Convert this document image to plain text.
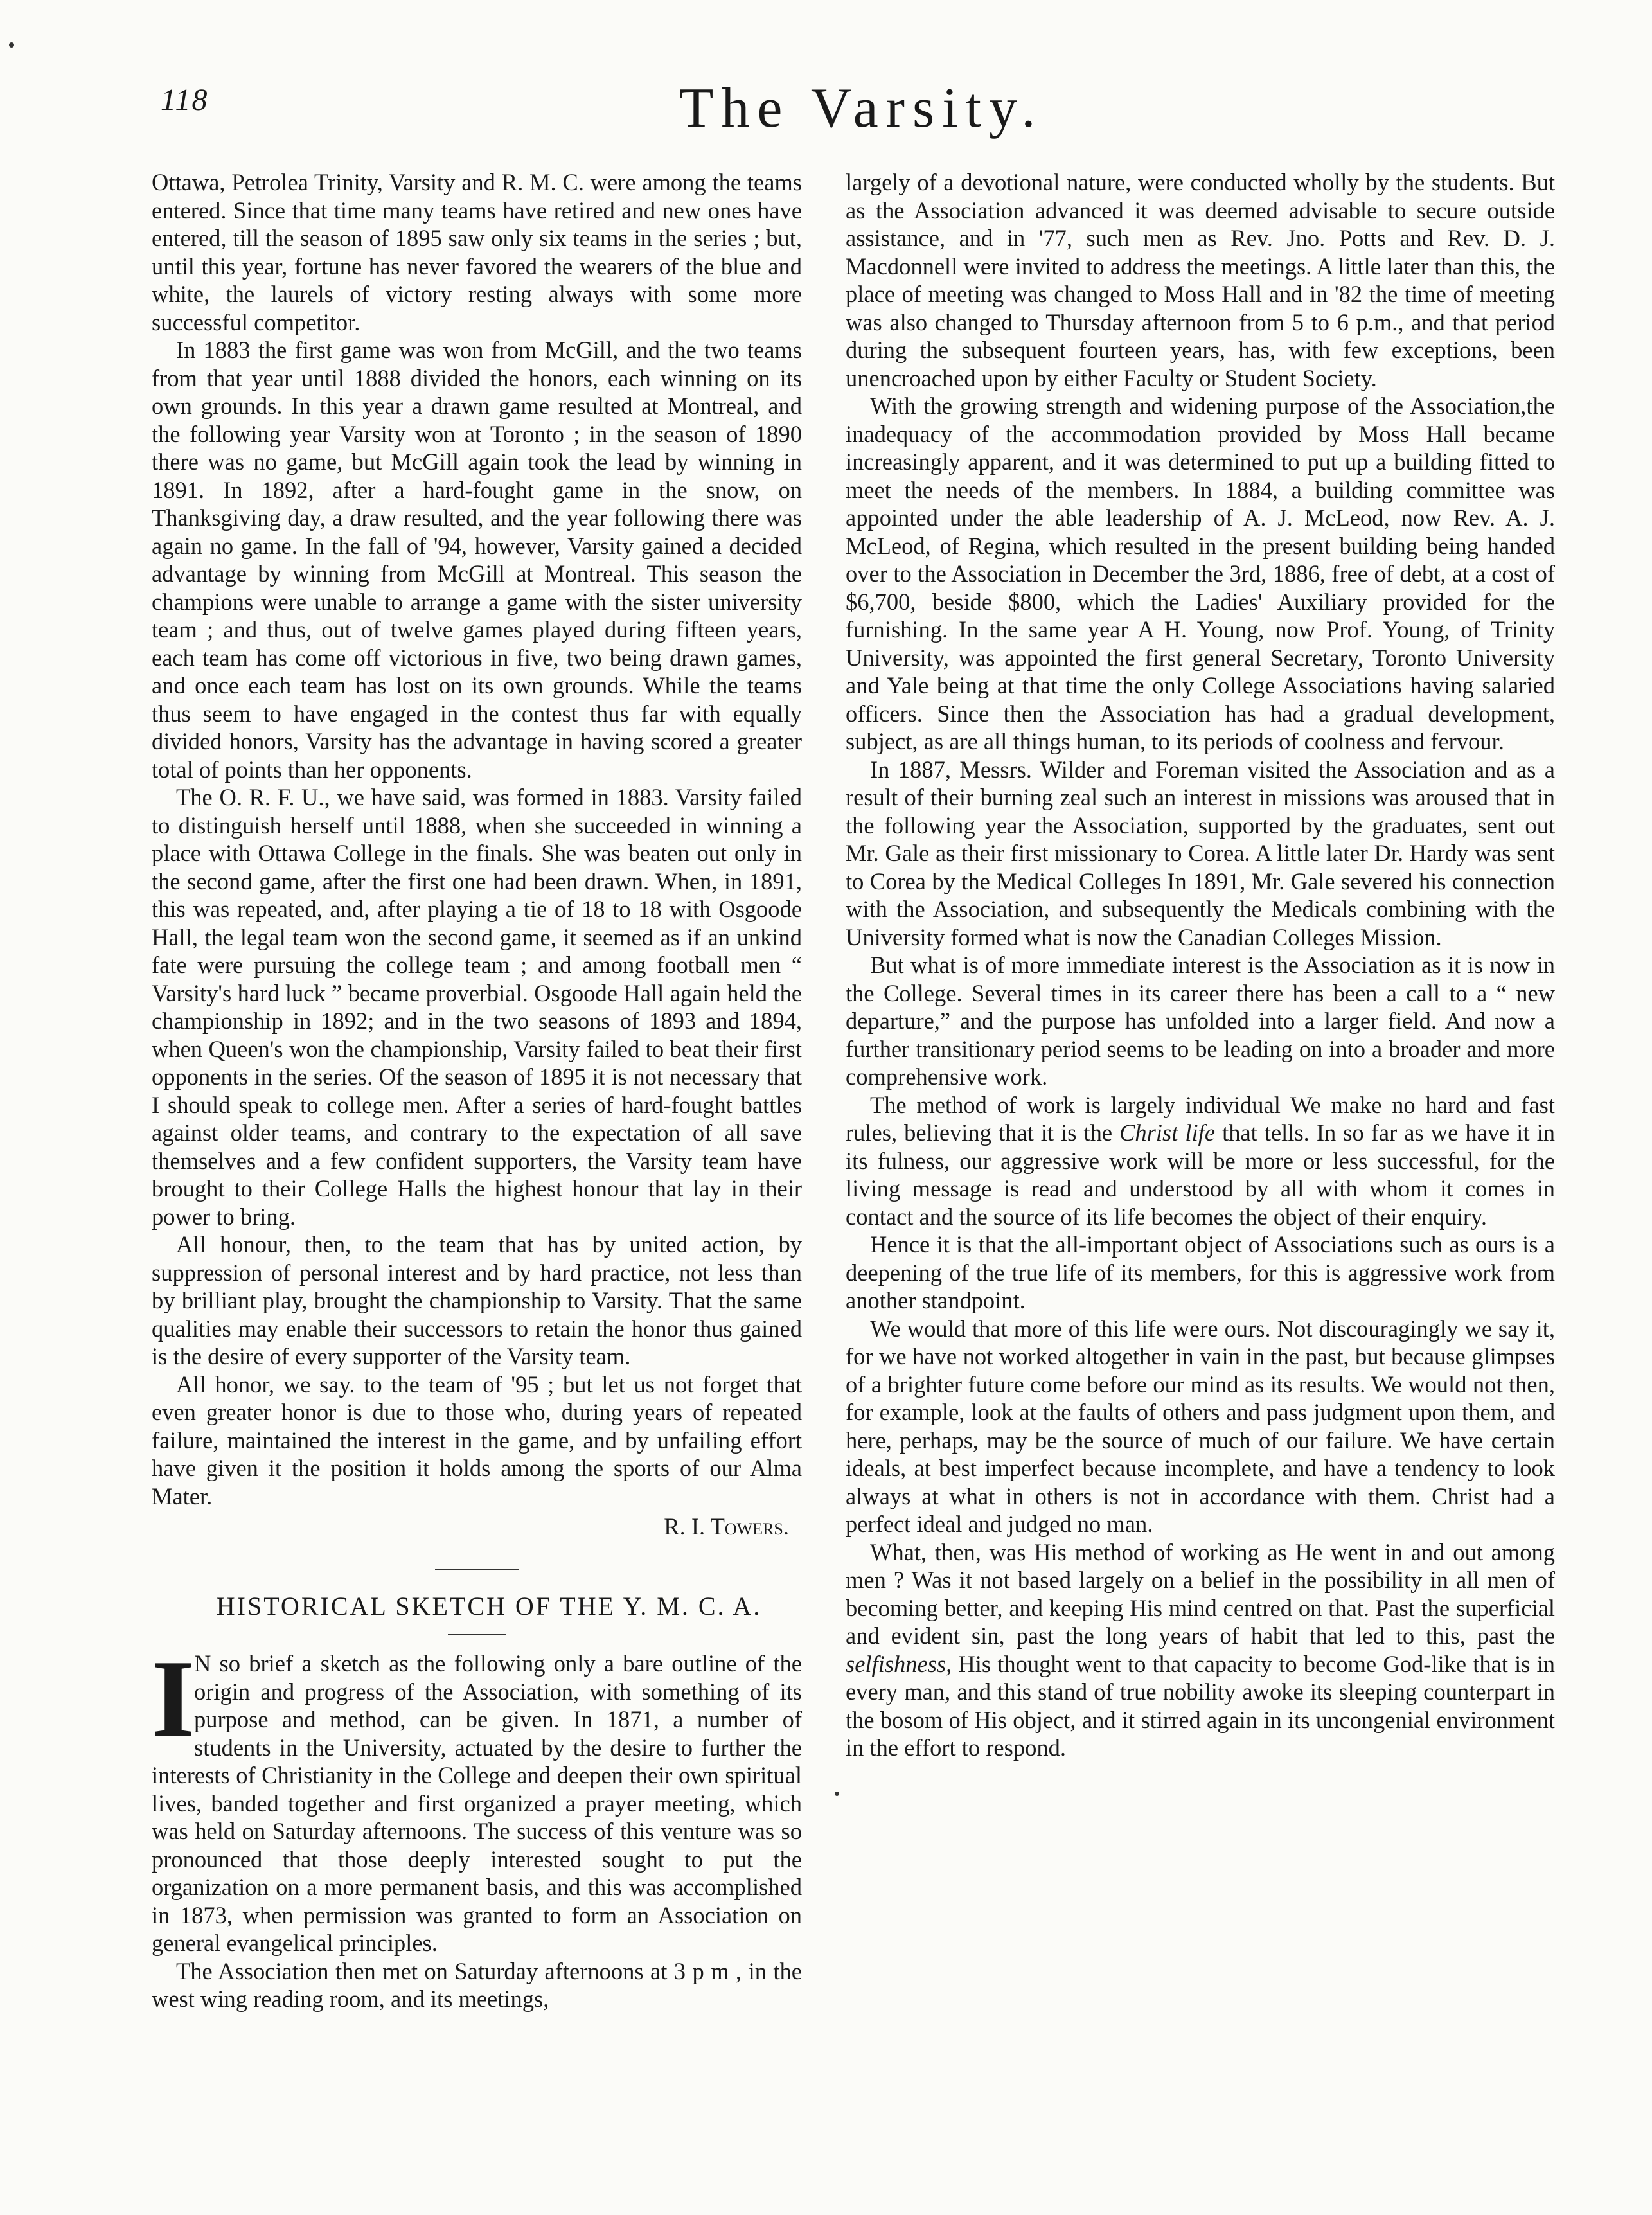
118	The Varsity.

Ottawa, Petrolea Trinity, Varsity and R. M. C. were among the teams entered. Since that time many teams have retired and new ones have entered, till the season of 1895 saw only six teams in the series ; but, until this year, fortune has never favored the wearers of the blue and white, the laurels of victory resting always with some more successful competitor.

In 1883 the first game was won from McGill, and the two teams from that year until 1888 divided the honors, each winning on its own grounds. In this year a drawn game resulted at Montreal, and the following year Varsity won at Toronto ; in the season of 1890 there was no game, but McGill again took the lead by winning in 1891. In 1892, after a hard-fought game in the snow, on Thanksgiving day, a draw resulted, and the year following there was again no game. In the fall of '94, however, Varsity gained a decided advantage by winning from McGill at Montreal. This season the champions were unable to arrange a game with the sister university team ; and thus, out of twelve games played during fifteen years, each team has come off victorious in five, two being drawn games, and once each team has lost on its own grounds. While the teams thus seem to have engaged in the contest thus far with equally divided honors, Varsity has the advantage in having scored a greater total of points than her opponents.

The O. R. F. U., we have said, was formed in 1883. Varsity failed to distinguish herself until 1888, when she succeeded in winning a place with Ottawa College in the finals. She was beaten out only in the second game, after the first one had been drawn. When, in 1891, this was repeated, and, after playing a tie of 18 to 18 with Osgoode Hall, the legal team won the second game, it seemed as if an unkind fate were pursuing the college team ; and among football men “ Varsity's hard luck ” became proverbial. Osgoode Hall again held the championship in 1892; and in the two seasons of 1893 and 1894, when Queen's won the championship, Varsity failed to beat their first opponents in the series. Of the season of 1895 it is not necessary that I should speak to college men. After a series of hard-fought battles against older teams, and contrary to the expectation of all save themselves and a few confident supporters, the Varsity team have brought to their College Halls the highest honour that lay in their power to bring.

All honour, then, to the team that has by united action, by suppression of personal interest and by hard practice, not less than by brilliant play, brought the championship to Varsity. That the same qualities may enable their successors to retain the honor thus gained is the desire of every supporter of the Varsity team.

All honor, we say. to the team of '95 ; but let us not forget that even greater honor is due to those who, during years of repeated failure, maintained the interest in the game, and by unfailing effort have given it the position it holds among the sports of our Alma Mater.

R. I. Towers.

HISTORICAL SKETCH OF THE Y. M. C. A.

I N so brief a sketch as the following only a bare outline of the origin and progress of the Association, with something of its purpose and method, can be given. In 1871, a number of students in the University, actuated by the desire to further the interests of Christianity in the College and deepen their own spiritual lives, banded together and first organized a prayer meeting, which was held on Saturday afternoons. The success of this venture was so pronounced that those deeply interested sought to put the organization on a more permanent basis, and this was accomplished in 1873, when permission was granted to form an Association on general evangelical principles.

The Association then met on Saturday afternoons at 3 p m , in the west wing reading room, and its meetings,

largely of a devotional nature, were conducted wholly by the students. But as the Association advanced it was deemed advisable to secure outside assistance, and in '77, such men as Rev. Jno. Potts and Rev. D. J. Macdonnell were invited to address the meetings. A little later than this, the place of meeting was changed to Moss Hall and in '82 the time of meeting was also changed to Thursday afternoon from 5 to 6 p.m., and that period during the subsequent fourteen years, has, with few exceptions, been unencroached upon by either Faculty or Student Society.

With the growing strength and widening purpose of the Association,the inadequacy of the accommodation provided by Moss Hall became increasingly apparent, and it was determined to put up a building fitted to meet the needs of the members. In 1884, a building committee was appointed under the able leadership of A. J. McLeod, now Rev. A. J. McLeod, of Regina, which resulted in the present building being handed over to the Association in December the 3rd, 1886, free of debt, at a cost of $6,700, beside $800, which the Ladies' Auxiliary provided for the furnishing. In the same year A H. Young, now Prof. Young, of Trinity University, was appointed the first general Secretary, Toronto University and Yale being at that time the only College Associations having salaried officers. Since then the Association has had a gradual development, subject, as are all things human, to its periods of coolness and fervour.

In 1887, Messrs. Wilder and Foreman visited the Association and as a result of their burning zeal such an interest in missions was aroused that in the following year the Association, supported by the graduates, sent out Mr. Gale as their first missionary to Corea. A little later Dr. Hardy was sent to Corea by the Medical Colleges In 1891, Mr. Gale severed his connection with the Association, and subsequently the Medicals combining with the University formed what is now the Canadian Colleges Mission.

But what is of more immediate interest is the Association as it is now in the College. Several times in its career there has been a call to a “ new departure,” and the purpose has unfolded into a larger field. And now a further transitionary period seems to be leading on into a broader and more comprehensive work.

The method of work is largely individual We make no hard and fast rules, believing that it is the Christ life that tells. In so far as we have it in its fulness, our aggressive work will be more or less successful, for the living message is read and understood by all with whom it comes in contact and the source of its life becomes the object of their enquiry.

Hence it is that the all-important object of Associations such as ours is a deepening of the true life of its members, for this is aggressive work from another standpoint.

We would that more of this life were ours. Not discouragingly we say it, for we have not worked altogether in vain in the past, but because glimpses of a brighter future come before our mind as its results. We would not then, for example, look at the faults of others and pass judgment upon them, and here, perhaps, may be the source of much of our failure. We have certain ideals, at best imperfect because incomplete, and have a tendency to look always at what in others is not in accordance with them. Christ had a perfect ideal and judged no man.

What, then, was His method of working as He went in and out among men ? Was it not based largely on a belief in the possibility in all men of becoming better, and keeping His mind centred on that. Past the superficial and evident sin, past the long years of habit that led to this, past the selfishness, His thought went to that capacity to become God-like that is in every man, and this stand of true nobility awoke its sleeping counterpart in the bosom of His object, and it stirred again in its uncongenial environment in the effort to respond.
